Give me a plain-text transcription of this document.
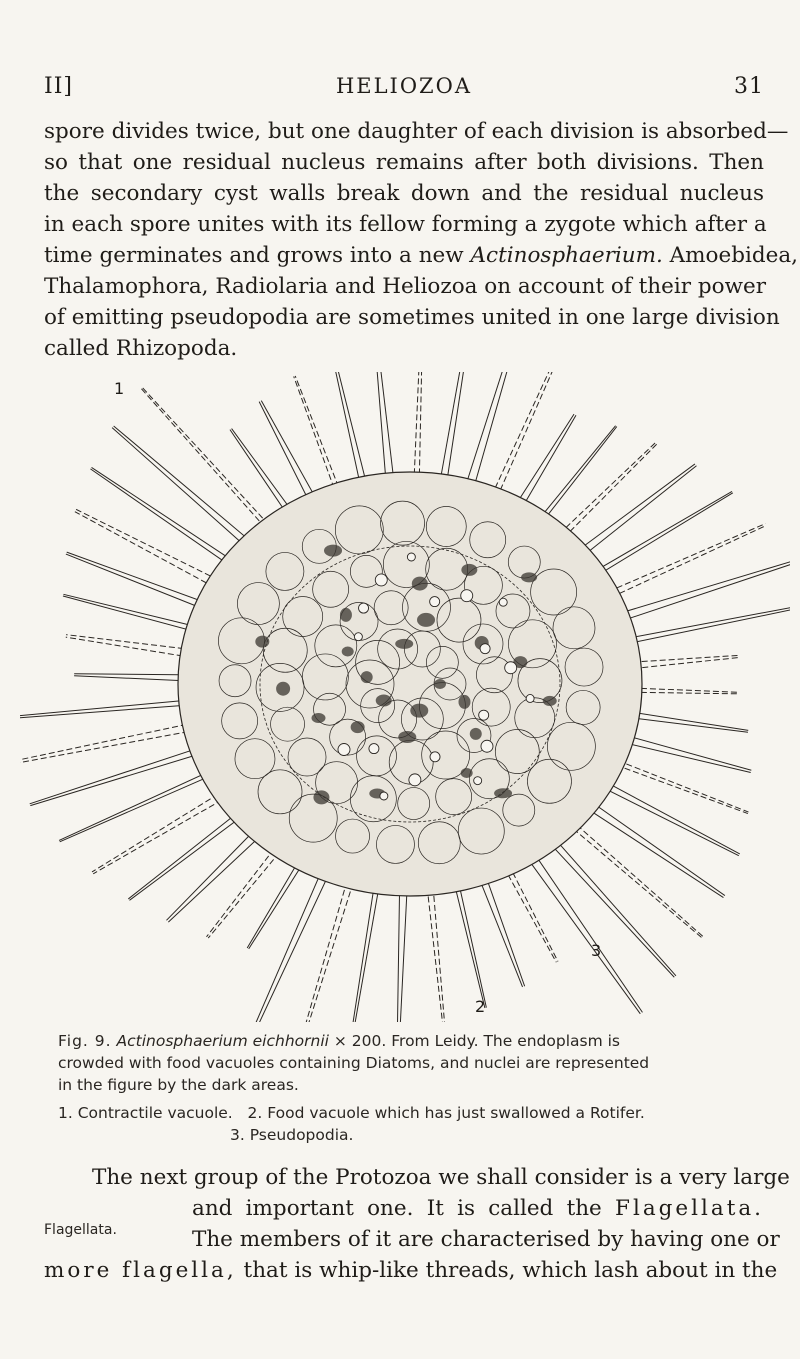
II]	HELIOZOA	31
spore divides twice, but one daughter of each division is absorbed—
so that one residual nucleus remains after both divisions. Then
the secondary cyst walls break down and the residual nucleus
in each spore unites with its fellow forming a zygote which after a
time germinates and grows into a new Actinosphaerium. Amoebidea,
Thalamophora, Radiolaria and Heliozoa on account of their power
of emitting pseudopodia are sometimes united in one large division
called Rhizopoda.
1
2
3
Fig. 9. Actinosphaerium eichhornii × 200. From Leidy. The endoplasm is
crowded with food vacuoles containing Diatoms, and nuclei are represented
in the figure by the dark areas.
1. Contractile vacuole.   2. Food vacuole which has just swallowed a Rotifer.
3. Pseudopodia.
The next group of the Protozoa we shall consider is a very large
and important one. It is called the Flagellata.
The members of it are characterised by having one or
more flagella, that is whip-like threads, which lash about in the
Flagellata.
